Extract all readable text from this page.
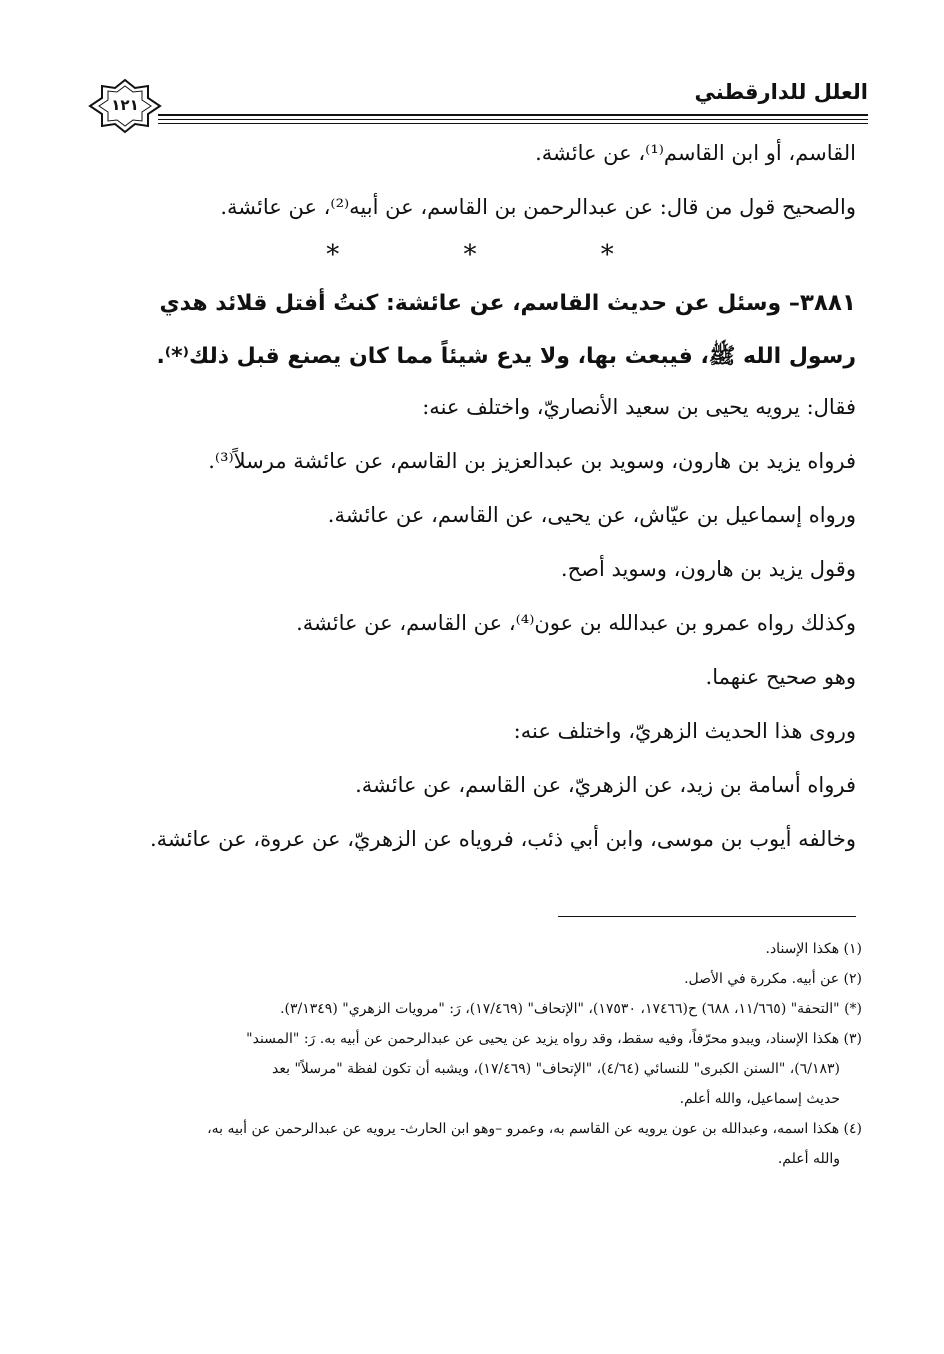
العلل للدارقطني
١٢١

القاسم، أو ابن القاسم⁽¹⁾، عن عائشة.

والصحيح قول من قال: عن عبدالرحمن بن القاسم، عن أبيه⁽²⁾، عن عائشة.

* * *

٣٨٨١– وسئل عن حديث القاسم، عن عائشة: كنتُ أفتل قلائد هدي

رسول الله ﷺ، فيبعث بها، ولا يدع شيئاً مما كان يصنع قبل ذلك⁽*⁾.

فقال: يرويه يحيى بن سعيد الأنصاريّ، واختلف عنه:

فرواه يزيد بن هارون، وسويد بن عبدالعزيز بن القاسم، عن عائشة مرسلاً⁽³⁾.

ورواه إسماعيل بن عيّاش، عن يحيى، عن القاسم، عن عائشة.

وقول يزيد بن هارون، وسويد أصح.

وكذلك رواه عمرو بن عبدالله بن عون⁽⁴⁾، عن القاسم، عن عائشة.

وهو صحيح عنهما.

وروى هذا الحديث الزهريّ، واختلف عنه:

فرواه أسامة بن زيد، عن الزهريّ، عن القاسم، عن عائشة.

وخالفه أيوب بن موسى، وابن أبي ذئب، فروياه عن الزهريّ، عن عروة، عن عائشة.

(١) هكذا الإسناد.

(٢) عن أبيه. مكررة في الأصل.

(*) "التحفة" (١١/٦٦٥، ٦٨٨) ح(١٧٤٦٦، ١٧٥٣٠)، "الإتحاف" (١٧/٤٦٩)، رَ: "مرويات الزهري" (٣/١٣٤٩).

(٣) هكذا الإسناد، ويبدو محرّفاً، وفيه سقط، وقد رواه يزيد عن يحيى عن عبدالرحمن عن أبيه به. رَ: "المسند"

(٦/١٨٣)، "السنن الكبرى" للنسائي (٤/٦٤)، "الإتحاف" (١٧/٤٦٩)، ويشبه أن تكون لفظة "مرسلاً" بعد

حديث إسماعيل، والله أعلم.

(٤) هكذا اسمه، وعبدالله بن عون يرويه عن القاسم به، وعمرو –وهو ابن الحارث- يرويه عن عبدالرحمن عن أبيه به،

والله أعلم.
